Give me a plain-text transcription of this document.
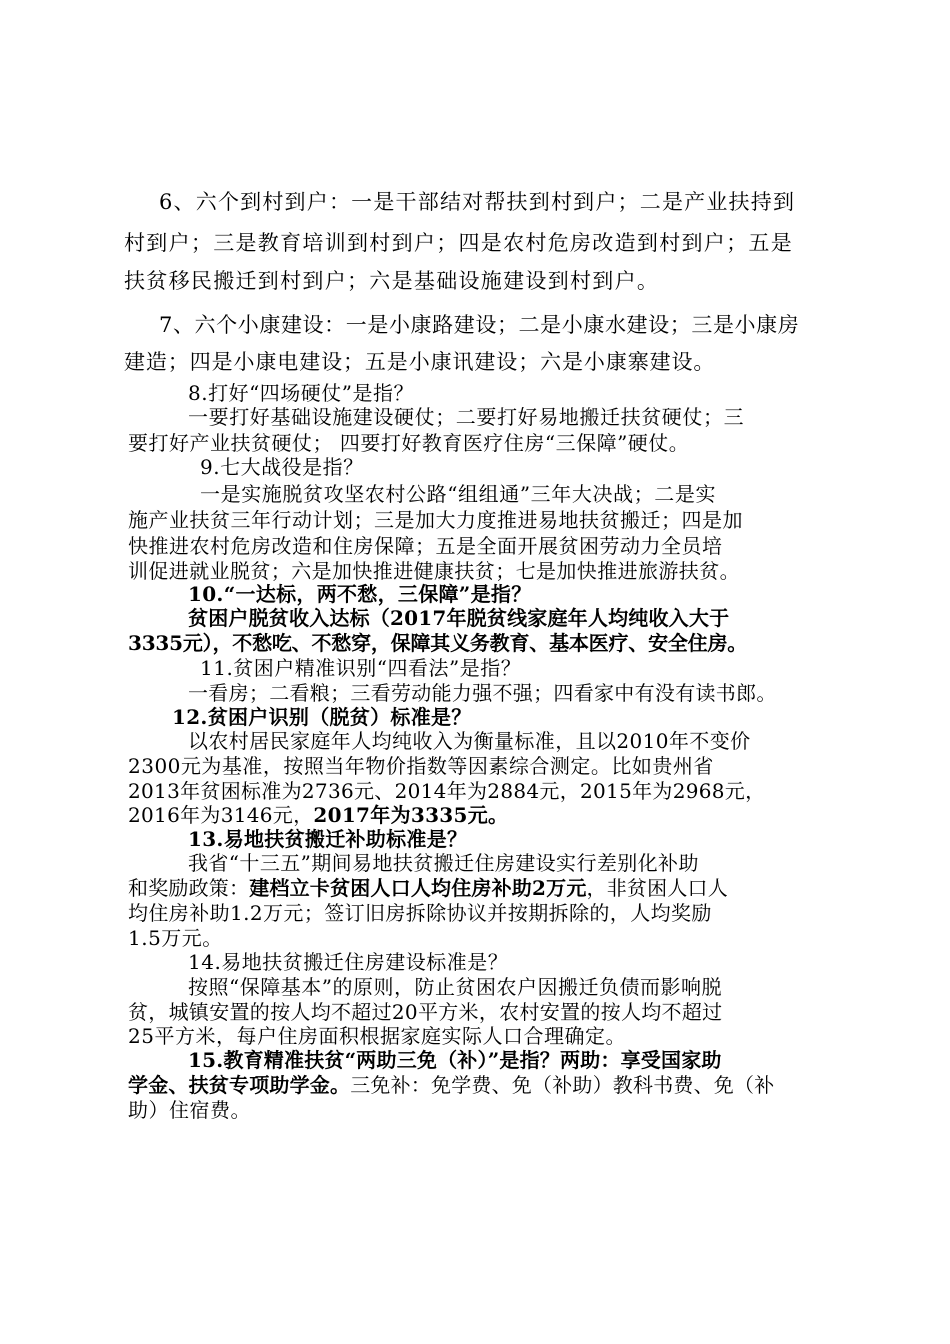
6、六个到村到户：一是干部结对帮扶到村到户；二是产业扶持到
村到户；三是教育培训到村到户；四是农村危房改造到村到户；五是
扶贫移民搬迁到村到户；六是基础设施建设到村到户。
7、六个小康建设：一是小康路建设；二是小康水建设；三是小康房
建造；四是小康电建设；五是小康讯建设；六是小康寨建设。
8.打好“四场硬仗”是指？
一要打好基础设施建设硬仗；二要打好易地搬迁扶贫硬仗；三
要打好产业扶贫硬仗； 四要打好教育医疗住房“三保障”硬仗。
9.七大战役是指？
一是实施脱贫攻坚农村公路“组组通”三年大决战；二是实
施产业扶贫三年行动计划；三是加大力度推进易地扶贫搬迁；四是加
快推进农村危房改造和住房保障；五是全面开展贫困劳动力全员培
训促进就业脱贫；六是加快推进健康扶贫；七是加快推进旅游扶贫。
10.“一达标，两不愁，三保障”是指？
贫困户脱贫收入达标（2017年脱贫线家庭年人均纯收入大于
3335元），不愁吃、不愁穿，保障其义务教育、基本医疗、安全住房。
11.贫困户精准识别“四看法”是指？
一看房；二看粮；三看劳动能力强不强；四看家中有没有读书郎。
12.贫困户识别（脱贫）标准是？
以农村居民家庭年人均纯收入为衡量标准，且以2010年不变价
2300元为基准，按照当年物价指数等因素综合测定。比如贵州省
2013年贫困标准为2736元、2014年为2884元，2015年为2968元，
2016年为3146元，2017年为3335元。
13.易地扶贫搬迁补助标准是？
我省“十三五”期间易地扶贫搬迁住房建设实行差别化补助
和奖励政策：建档立卡贫困人口人均住房补助2万元，非贫困人口人
均住房补助1.2万元；签订旧房拆除协议并按期拆除的，人均奖励
1.5万元。
14.易地扶贫搬迁住房建设标准是？
按照“保障基本”的原则，防止贫困农户因搬迁负债而影响脱
贫，城镇安置的按人均不超过20平方米，农村安置的按人均不超过
25平方米，每户住房面积根据家庭实际人口合理确定。
15.教育精准扶贫“两助三免（补）”是指？两助：享受国家助
学金、扶贫专项助学金。三免补：免学费、免（补助）教科书费、免（补
助）住宿费。
